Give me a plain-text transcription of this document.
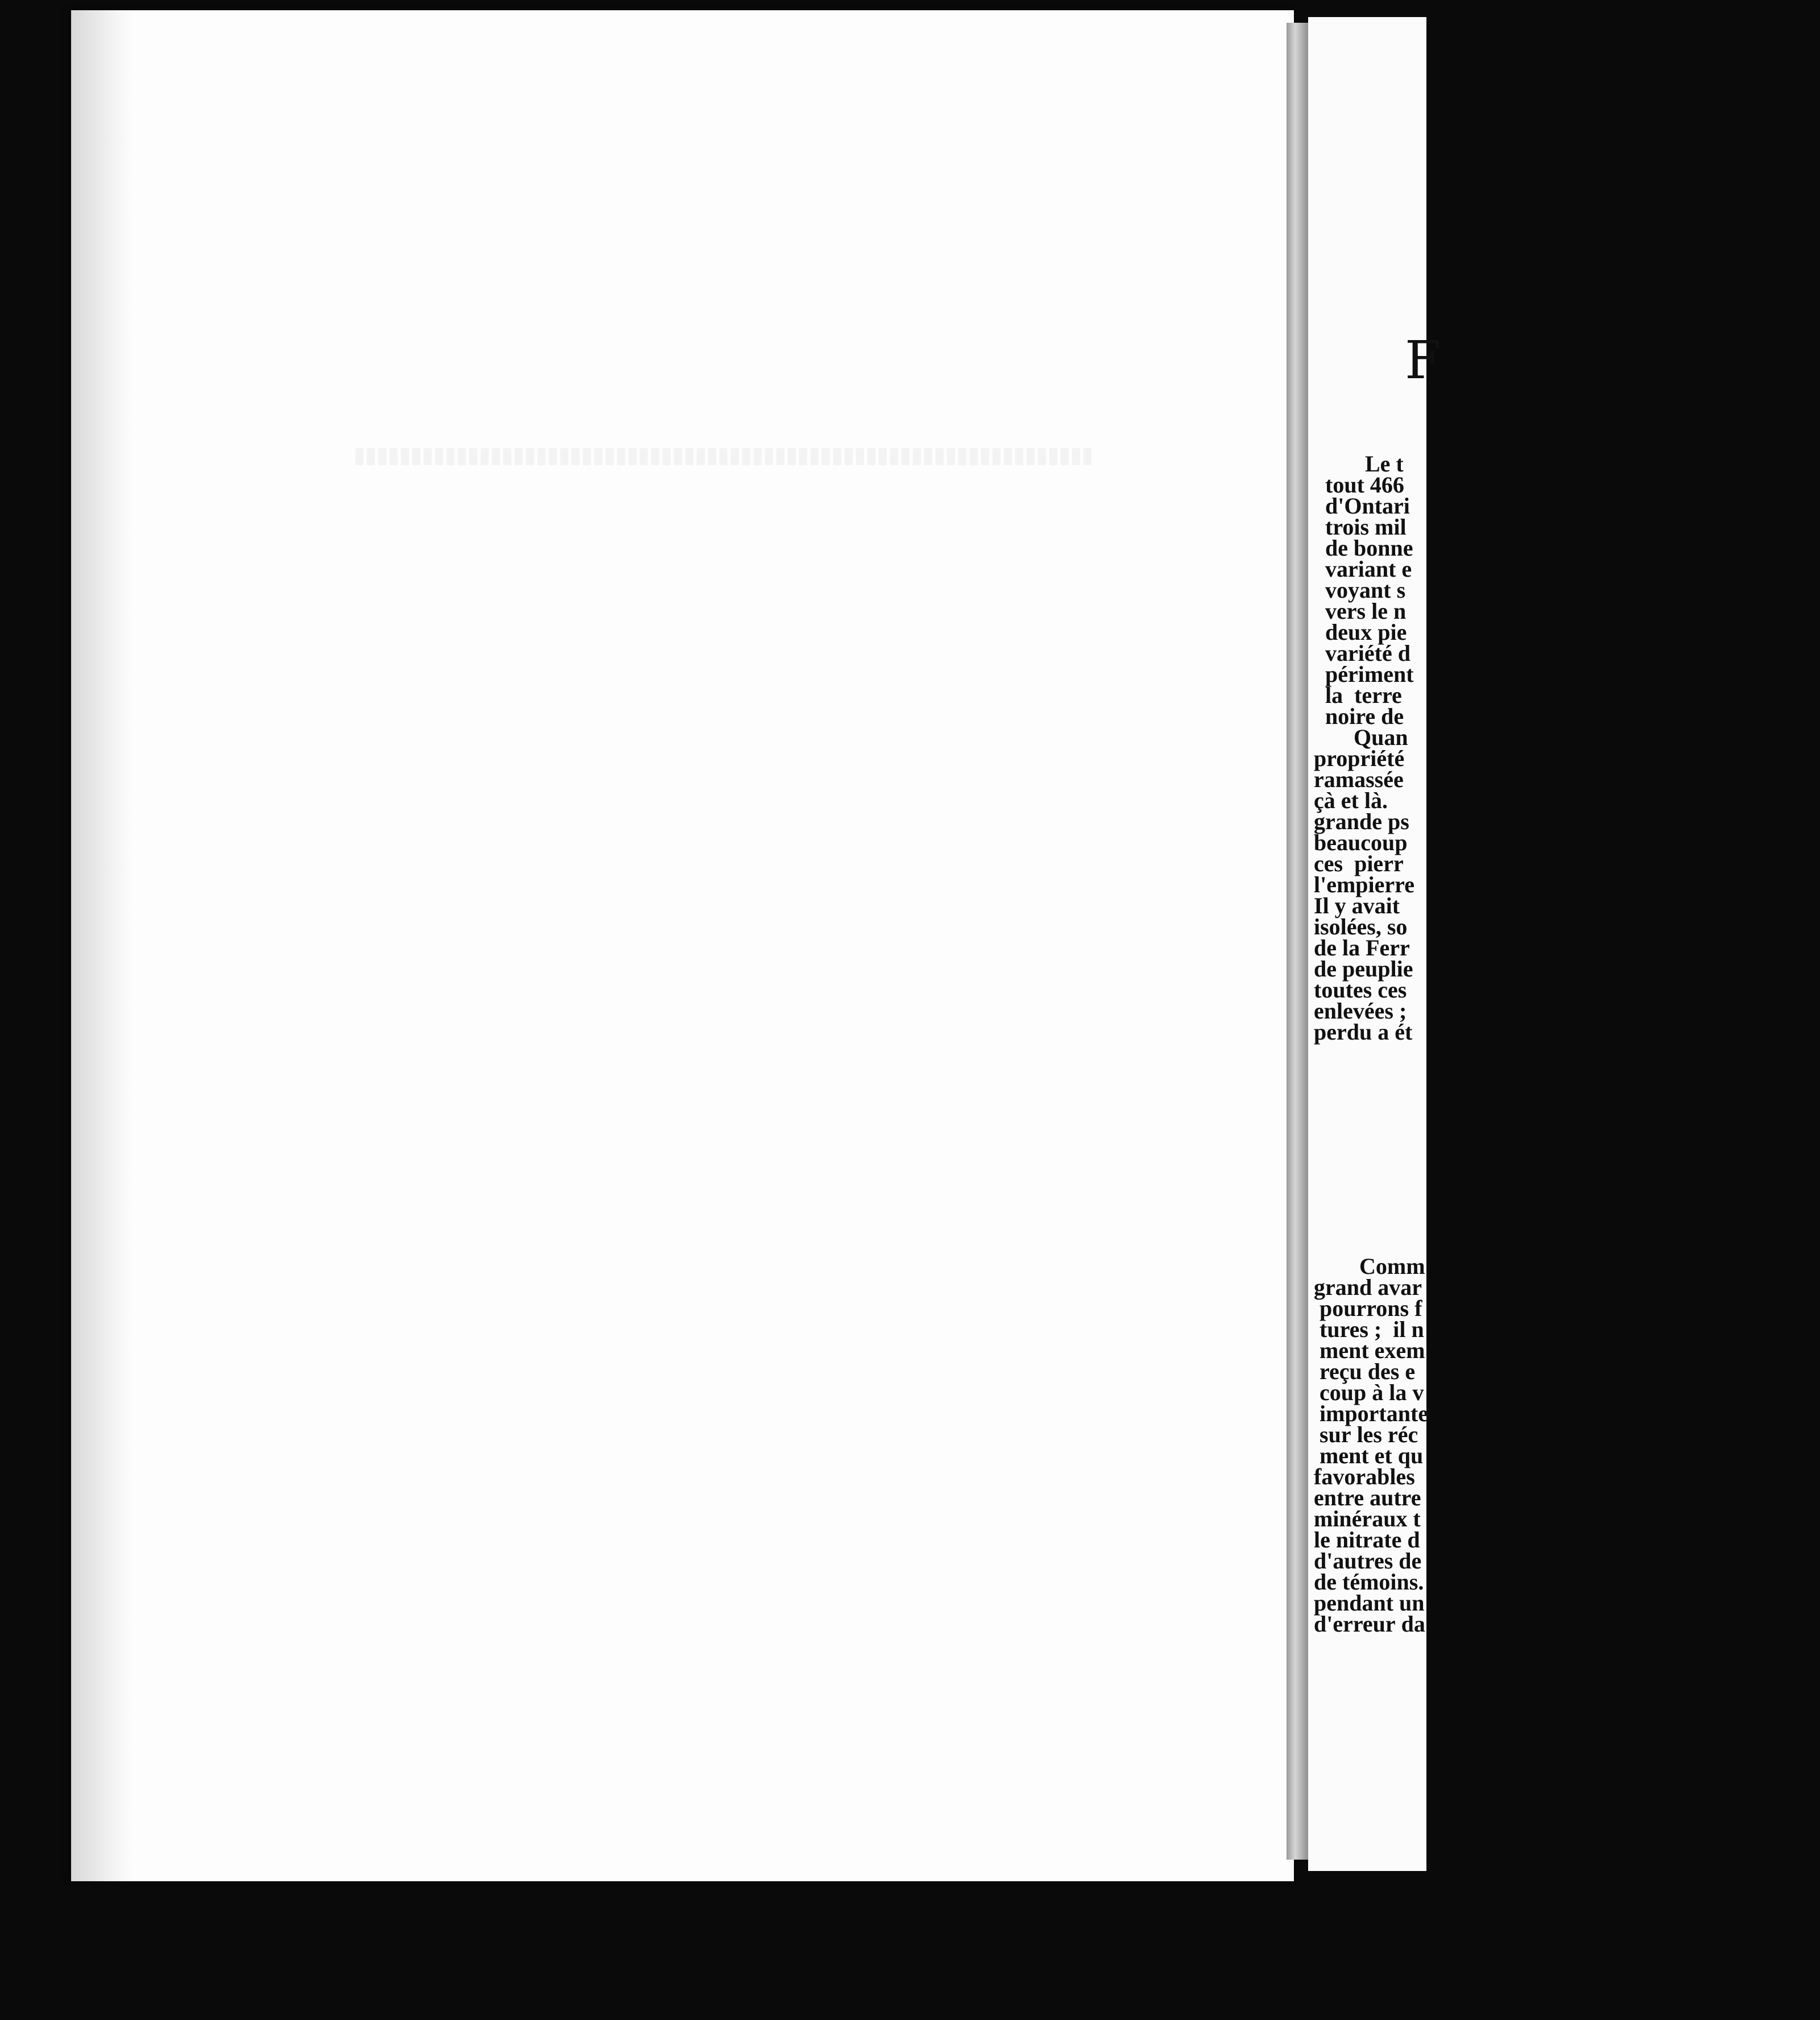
F
Le t
tout 466
d'Ontari
trois mil
de bonne
variant e
voyant s
vers le n
deux pie
variété d
périment
la  terre
noire de
Quan
propriété
ramassée
çà et là.
grande ps
beaucoup
ces  pierr
l'empierre
Il y avait
isolées, so
de la Ferr
de peuplie
toutes ces
enlevées ;
perdu a ét
Comm
grand avar
pourrons f
tures ;  il n
ment exem
reçu des e
coup à la v
importante
sur les réc
ment et qu
favorables
entre autre
minéraux t
le nitrate d
d'autres de
de témoins.
pendant un
d'erreur da
